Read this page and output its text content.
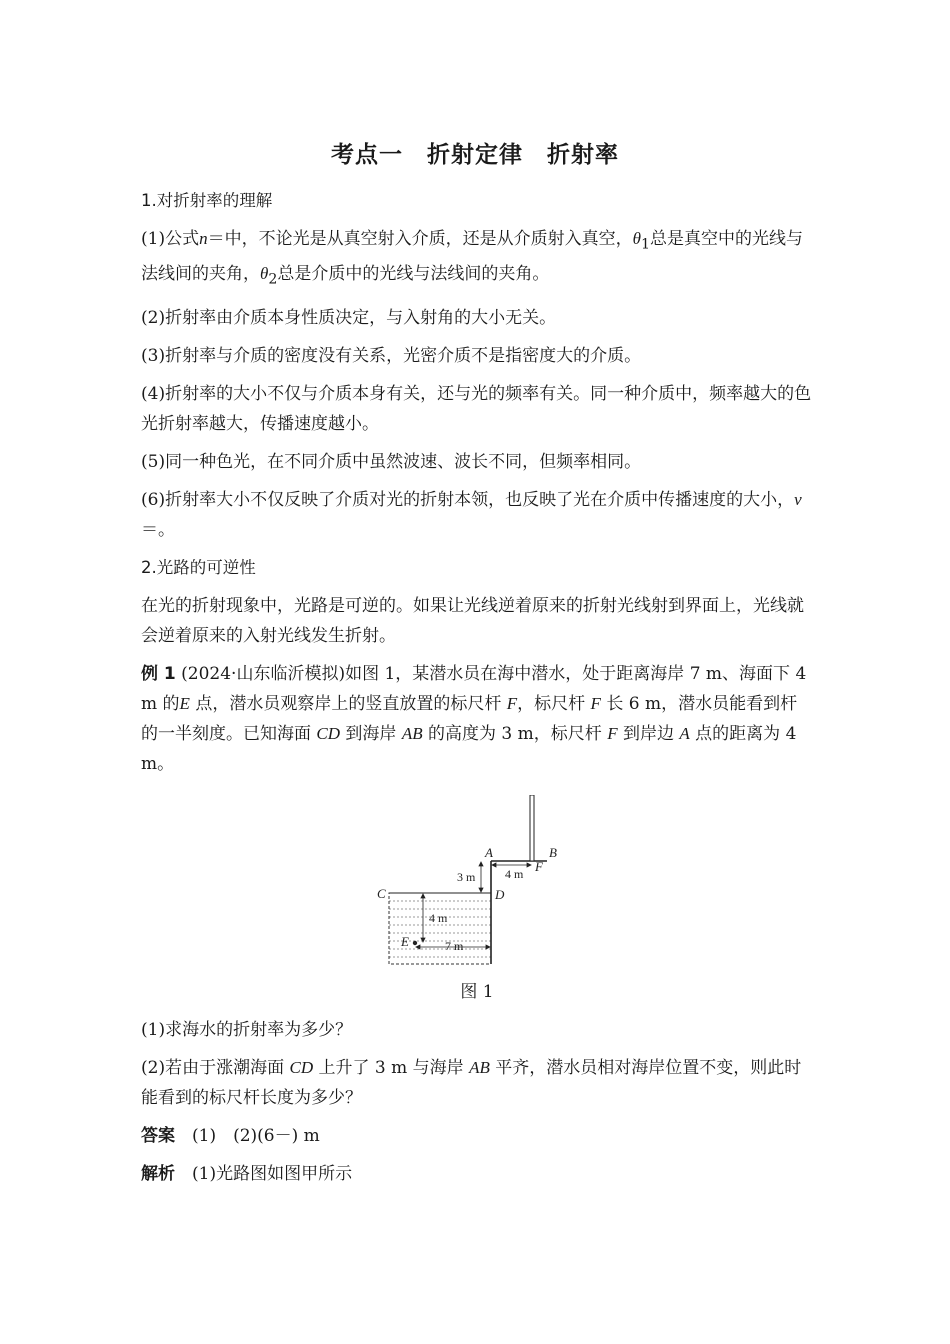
考点一　折射定律　折射率

1.对折射率的理解

(1)公式n＝中，不论光是从真空射入介质，还是从介质射入真空，$\theta_1$总是真空中的光线与法线间的夹角，$\theta_2$总是介质中的光线与法线间的夹角。

(2)折射率由介质本身性质决定，与入射角的大小无关。

(3)折射率与介质的密度没有关系，光密介质不是指密度大的介质。

(4)折射率的大小不仅与介质本身有关，还与光的频率有关。同一种介质中，频率越大的色光折射率越大，传播速度越小。

(5)同一种色光，在不同介质中虽然波速、波长不同，但频率相同。

(6)折射率大小不仅反映了介质对光的折射本领，也反映了光在介质中传播速度的大小，v＝。

2.光路的可逆性

在光的折射现象中，光路是可逆的。如果让光线逆着原来的折射光线射到界面上，光线就会逆着原来的入射光线发生折射。

例 1 (2024·山东临沂模拟)如图 1，某潜水员在海中潜水，处于距离海岸 7 m、海面下 4 m 的E 点，潜水员观察岸上的竖直放置的标尺杆 F，标尺杆 F 长 6 m，潜水员能看到杆的一半刻度。已知海面 CD 到海岸 AB 的高度为 3 m，标尺杆 F 到岸边 A 点的距离为 4 m。

A	B
C	D
E
F
3 m 4 m
4 m
7 m
图 1

(1)求海水的折射率为多少？

(2)若由于涨潮海面 CD 上升了 3 m 与海岸 AB 平齐，潜水员相对海岸位置不变，则此时能看到的标尺杆长度为多少？

答案　(1)　(2)(6－) m

解析　(1)光路图如图甲所示
